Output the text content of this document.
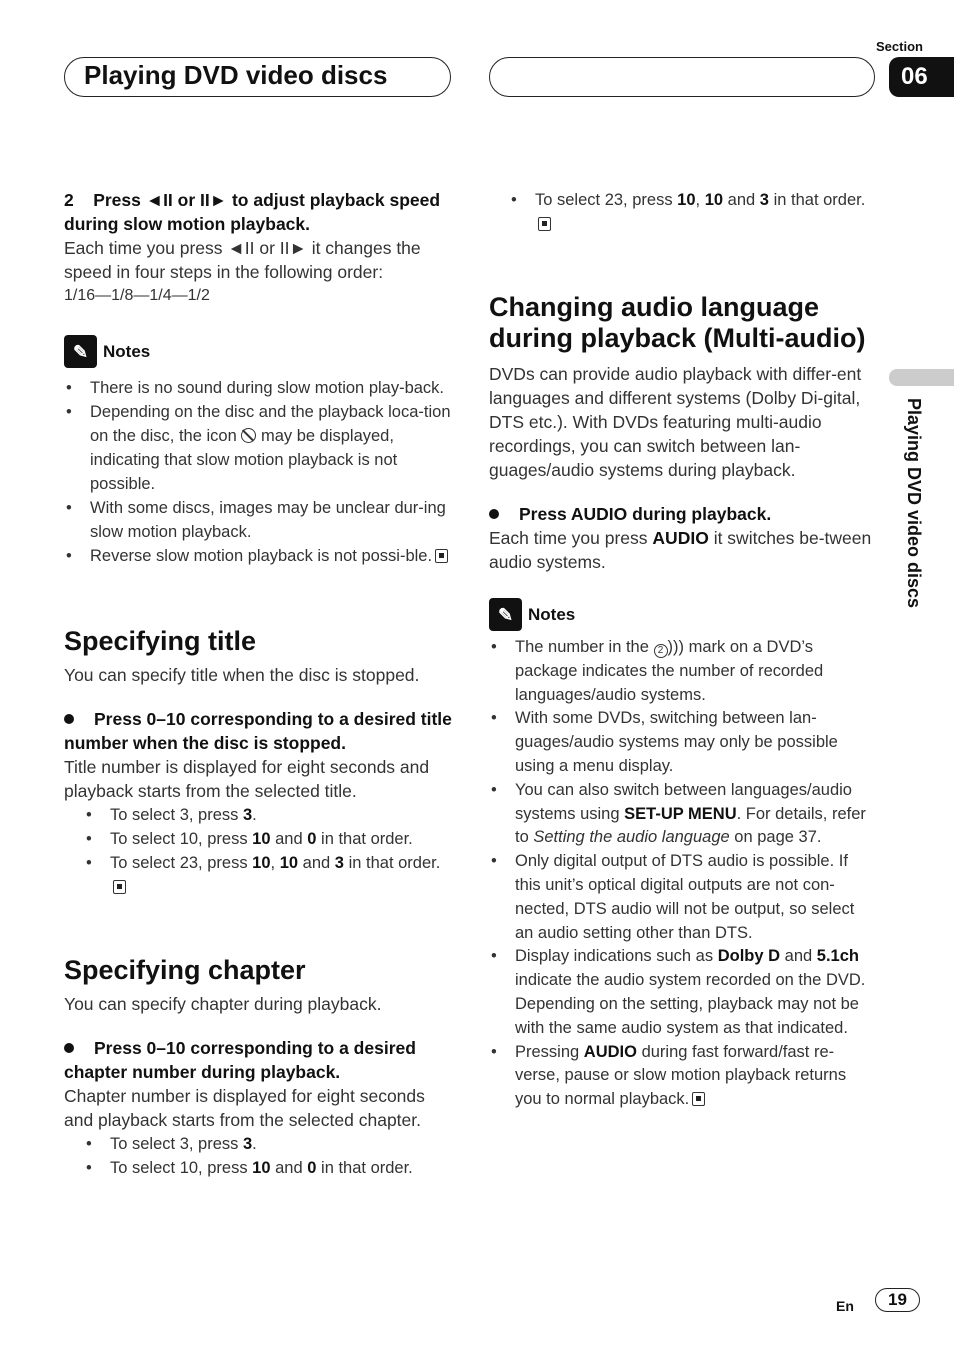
Playing DVD video discs
Section
06
Playing DVD video discs

2 Press ◄II or II► to adjust playback speed during slow motion playback.

Each time you press ◄II or II► it changes the speed in four steps in the following order:

1/16—1/8—1/4—1/2

✎ Notes
• There is no sound during slow motion play-back.
• Depending on the disc and the playback loca-tion on the disc, the icon may be displayed, indicating that slow motion playback is not possible.
• With some discs, images may be unclear dur-ing slow motion playback.
• Reverse slow motion playback is not possi-ble.
Specifying title

You can specify title when the disc is stopped.

Press 0–10 corresponding to a desired title number when the disc is stopped.

Title number is displayed for eight seconds and playback starts from the selected title.

• To select 3, press 3.
• To select 10, press 10 and 0 in that order.
• To select 23, press 10, 10 and 3 in that order.
Specifying chapter

You can specify chapter during playback.

Press 0–10 corresponding to a desired chapter number during playback.

Chapter number is displayed for eight seconds and playback starts from the selected chapter.

• To select 3, press 3.
• To select 10, press 10 and 0 in that order.
• To select 23, press 10, 10 and 3 in that order.
Changing audio language during playback (Multi-audio)

DVDs can provide audio playback with differ-ent languages and different systems (Dolby Di-gital, DTS etc.). With DVDs featuring multi-audio recordings, you can switch between lan-guages/audio systems during playback.

Press AUDIO during playback.

Each time you press AUDIO it switches be-tween audio systems.

✎ Notes
• The number in the 2 ))) mark on a DVD’s package indicates the number of recorded languages/audio systems.
• With some DVDs, switching between lan-guages/audio systems may only be possible using a menu display.
• You can also switch between languages/audio systems using SET-UP MENU. For details, refer to Setting the audio language on page 37.
• Only digital output of DTS audio is possible. If this unit’s optical digital outputs are not con-nected, DTS audio will not be output, so select an audio setting other than DTS.
• Display indications such as Dolby D and 5.1ch indicate the audio system recorded on the DVD. Depending on the setting, playback may not be with the same audio system as that indicated.
• Pressing AUDIO during fast forward/fast re-verse, pause or slow motion playback returns you to normal playback.
En	19
